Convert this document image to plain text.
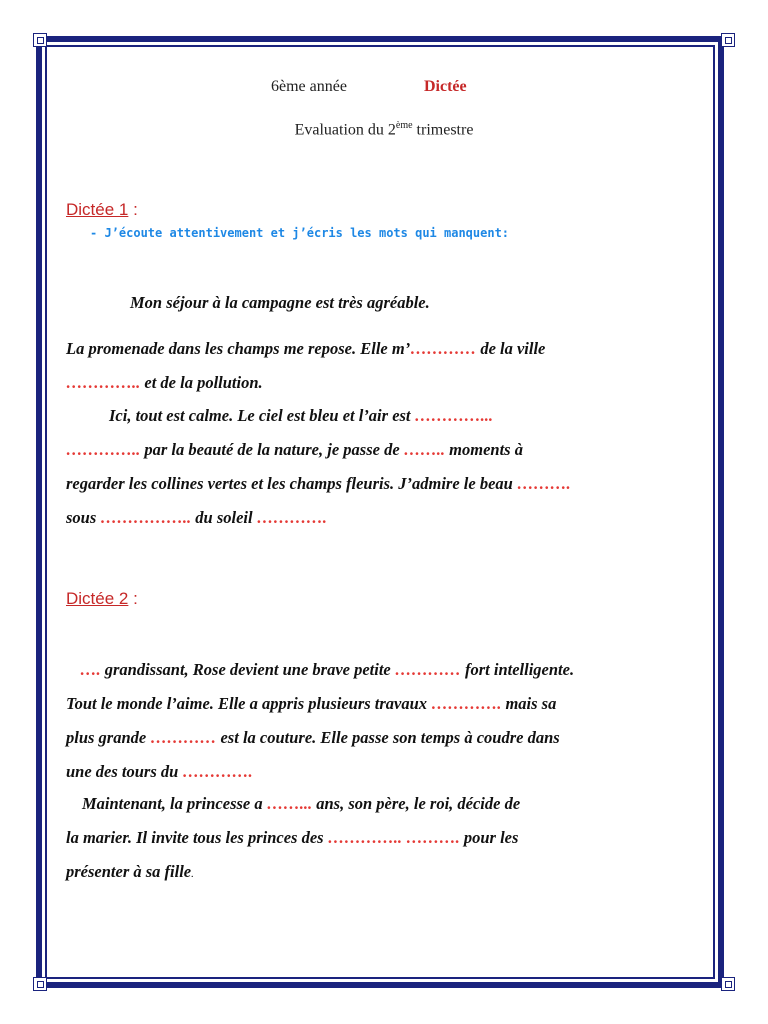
6ème année	Dictée
Evaluation du 2ème trimestre
Dictée 1 :
- J’écoute attentivement et j’écris les mots qui manquent:
Mon séjour à la campagne est très agréable.
La promenade dans les champs me repose. Elle m’………… de la ville
………….. et de la pollution.
Ici, tout est calme. Le ciel est bleu et l’air est …………...
………….. par la beauté de la nature, je passe de …….. moments à
regarder les collines vertes et les champs fleuris. J’admire le beau ……….
sous …………….. du soleil ………….
Dictée 2 :
…. grandissant, Rose devient une brave petite ………… fort intelligente.
Tout le monde l’aime. Elle a appris plusieurs travaux …………. mais sa
plus grande ………… est la couture. Elle passe son temps à coudre dans
une des tours du ………….
Maintenant, la princesse a ……... ans, son père, le roi, décide de
la marier. Il invite tous les princes des ………….. ………. pour les
présenter à sa fille.
